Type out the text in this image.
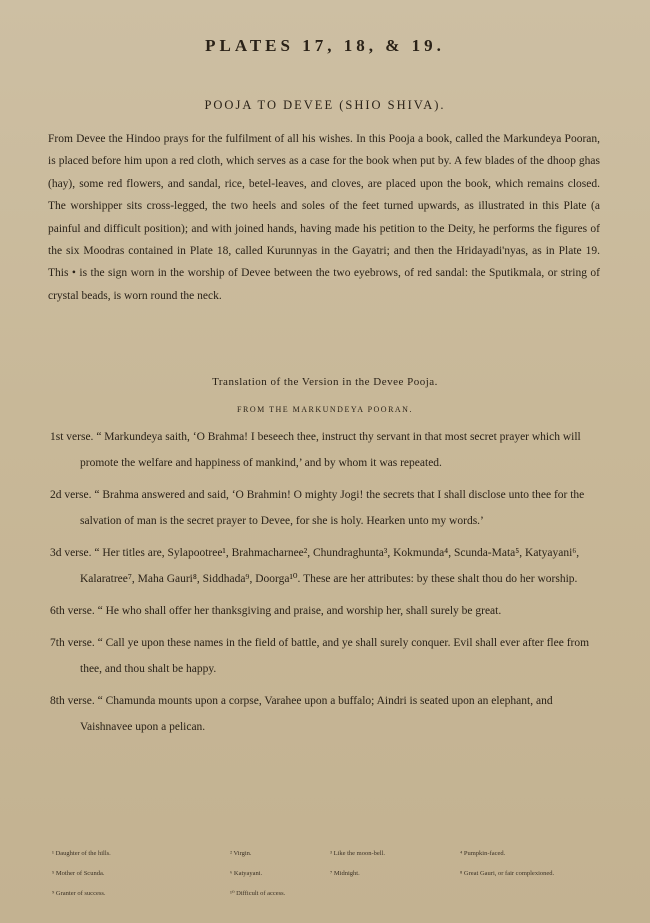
PLATES 17, 18, & 19.
POOJA TO DEVEE (SHIO SHIVA).
From Devee the Hindoo prays for the fulfilment of all his wishes. In this Pooja a book, called the Markundeya Pooran, is placed before him upon a red cloth, which serves as a case for the book when put by. A few blades of the dhoop ghas (hay), some red flowers, and sandal, rice, betel-leaves, and cloves, are placed upon the book, which remains closed. The worshipper sits cross-legged, the two heels and soles of the feet turned upwards, as illustrated in this Plate (a painful and difficult position); and with joined hands, having made his petition to the Deity, he performs the figures of the six Moodras contained in Plate 18, called Kurunnyas in the Gayatri; and then the Hridayadi'nyas, as in Plate 19. This • is the sign worn in the worship of Devee between the two eyebrows, of red sandal: the Sputikmala, or string of crystal beads, is worn round the neck.
Translation of the Version in the Devee Pooja.
FROM THE MARKUNDEYA POORAN.

1st verse. “ Markundeya saith, ‘O Brahma! I beseech thee, instruct thy servant in that most secret prayer which will promote the welfare and happiness of mankind,’ and by whom it was repeated.

2d verse. “ Brahma answered and said, ‘O Brahmin! O mighty Jogi! the secrets that I shall disclose unto thee for the salvation of man is the secret prayer to Devee, for she is holy. Hearken unto my words.’

3d verse. “ Her titles are, Sylapootree¹, Brahmacharnee², Chundraghunta³, Kokmunda⁴, Scunda-Mata⁵, Katyayani⁶, Kalaratree⁷, Maha Gauri⁸, Siddhada⁹, Doorga¹⁰. These are her attributes: by these shalt thou do her worship.

6th verse. “ He who shall offer her thanksgiving and praise, and worship her, shall surely be great.

7th verse. “ Call ye upon these names in the field of battle, and ye shall surely conquer. Evil shall ever after flee from thee, and thou shalt be happy.

8th verse. “ Chamunda mounts upon a corpse, Varahee upon a buffalo; Aindri is seated upon an elephant, and Vaishnavee upon a pelican.

¹ Daughter of the hills.	² Virgin.	³ Like the moon-bell.	⁴ Pumpkin-faced.
⁵ Mother of Scunda.	⁶ Katyayani.	⁷ Midnight.	⁸ Great Gauri, or fair complexioned.
⁹ Granter of success.	¹⁰ Difficult of access.
